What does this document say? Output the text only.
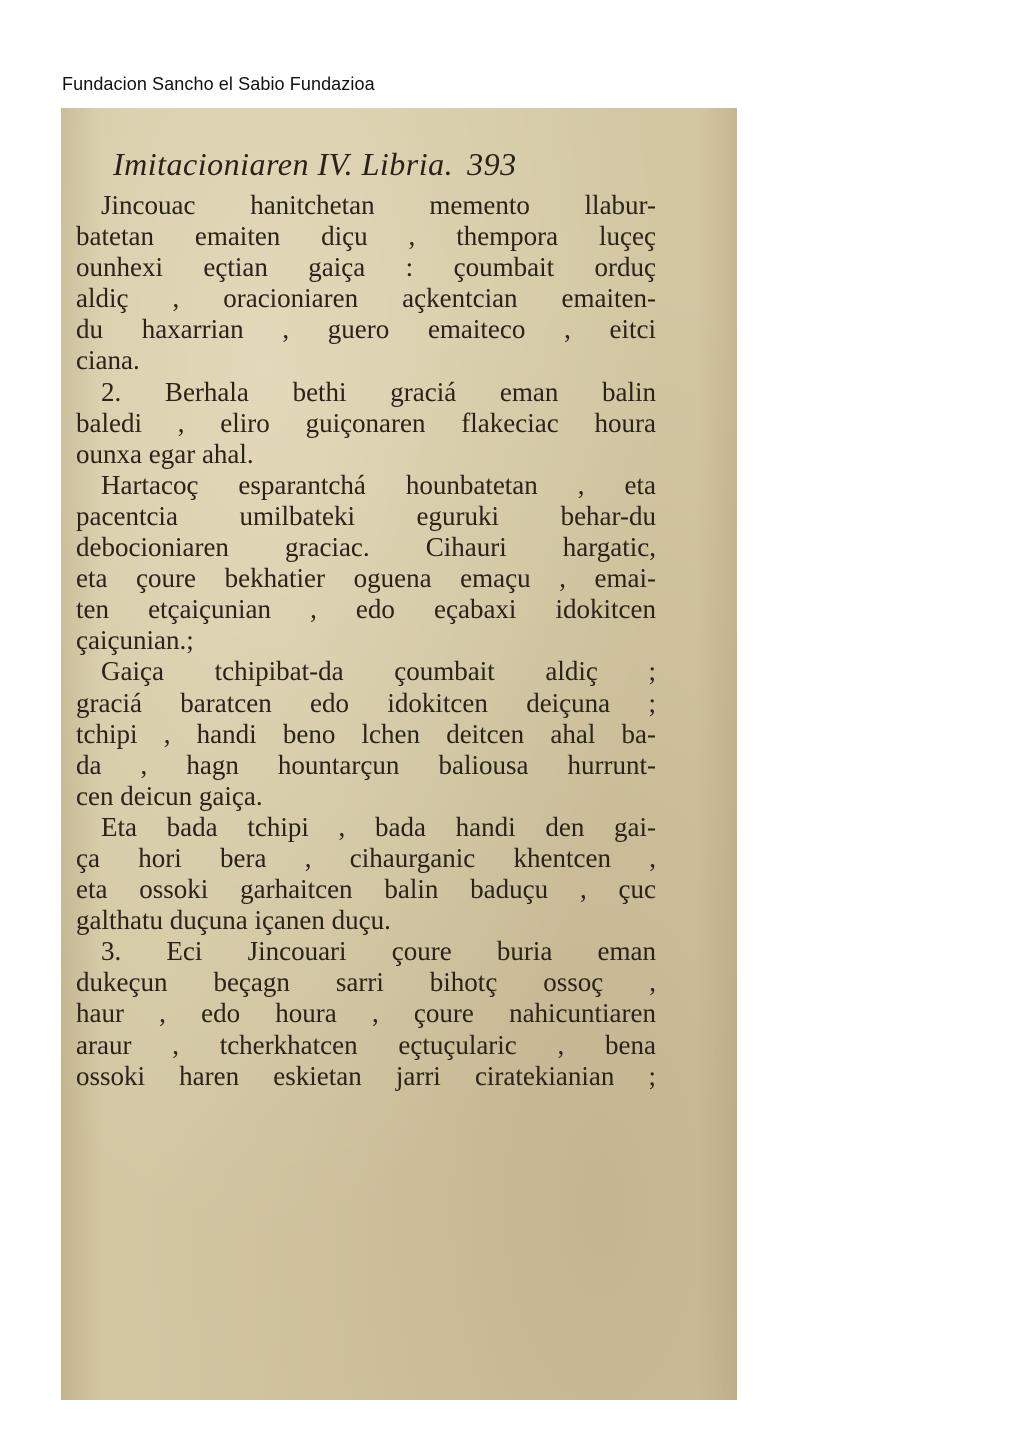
Fundacion Sancho el Sabio Fundazioa
Imitacioniaren IV. Libria. 393
Jincouac hanitchetan memento llabur-
batetan emaiten diçu , thempora luçeç
ounhexi eçtian gaiça : çoumbait orduç
aldiç , oracioniaren açkentcian emaiten-
du haxarrian , guero emaiteco , eitci
ciana.
2. Berhala bethi graciá eman balin
baledi , eliro guiçonaren flakeciac houra
ounxa egar ahal.
Hartacoç esparantchá hounbatetan , eta
pacentcia umilbateki eguruki behar-du
debocioniaren graciac. Cihauri hargatic,
eta çoure bekhatier oguena emaçu , emai-
ten etçaiçunian , edo eçabaxi idokitcen
çaiçunian.;
Gaiça tchipibat-da çoumbait aldiç ;
graciá baratcen edo idokitcen deiçuna ;
tchipi , handi beno lchen deitcen ahal ba-
da , hagn hountarçun baliousa hurrunt-
cen deicun gaiça.
Eta bada tchipi , bada handi den gai-
ça hori bera , cihaurganic khentcen ,
eta ossoki garhaitcen balin baduçu , çuc
galthatu duçuna içanen duçu.
3. Eci Jincouari çoure buria eman
dukeçun beçagn sarri bihotç ossoç ,
haur , edo houra , çoure nahicuntiaren
araur , tcherkhatcen eçtuçularic , bena
ossoki haren eskietan jarri ciratekianian ;
